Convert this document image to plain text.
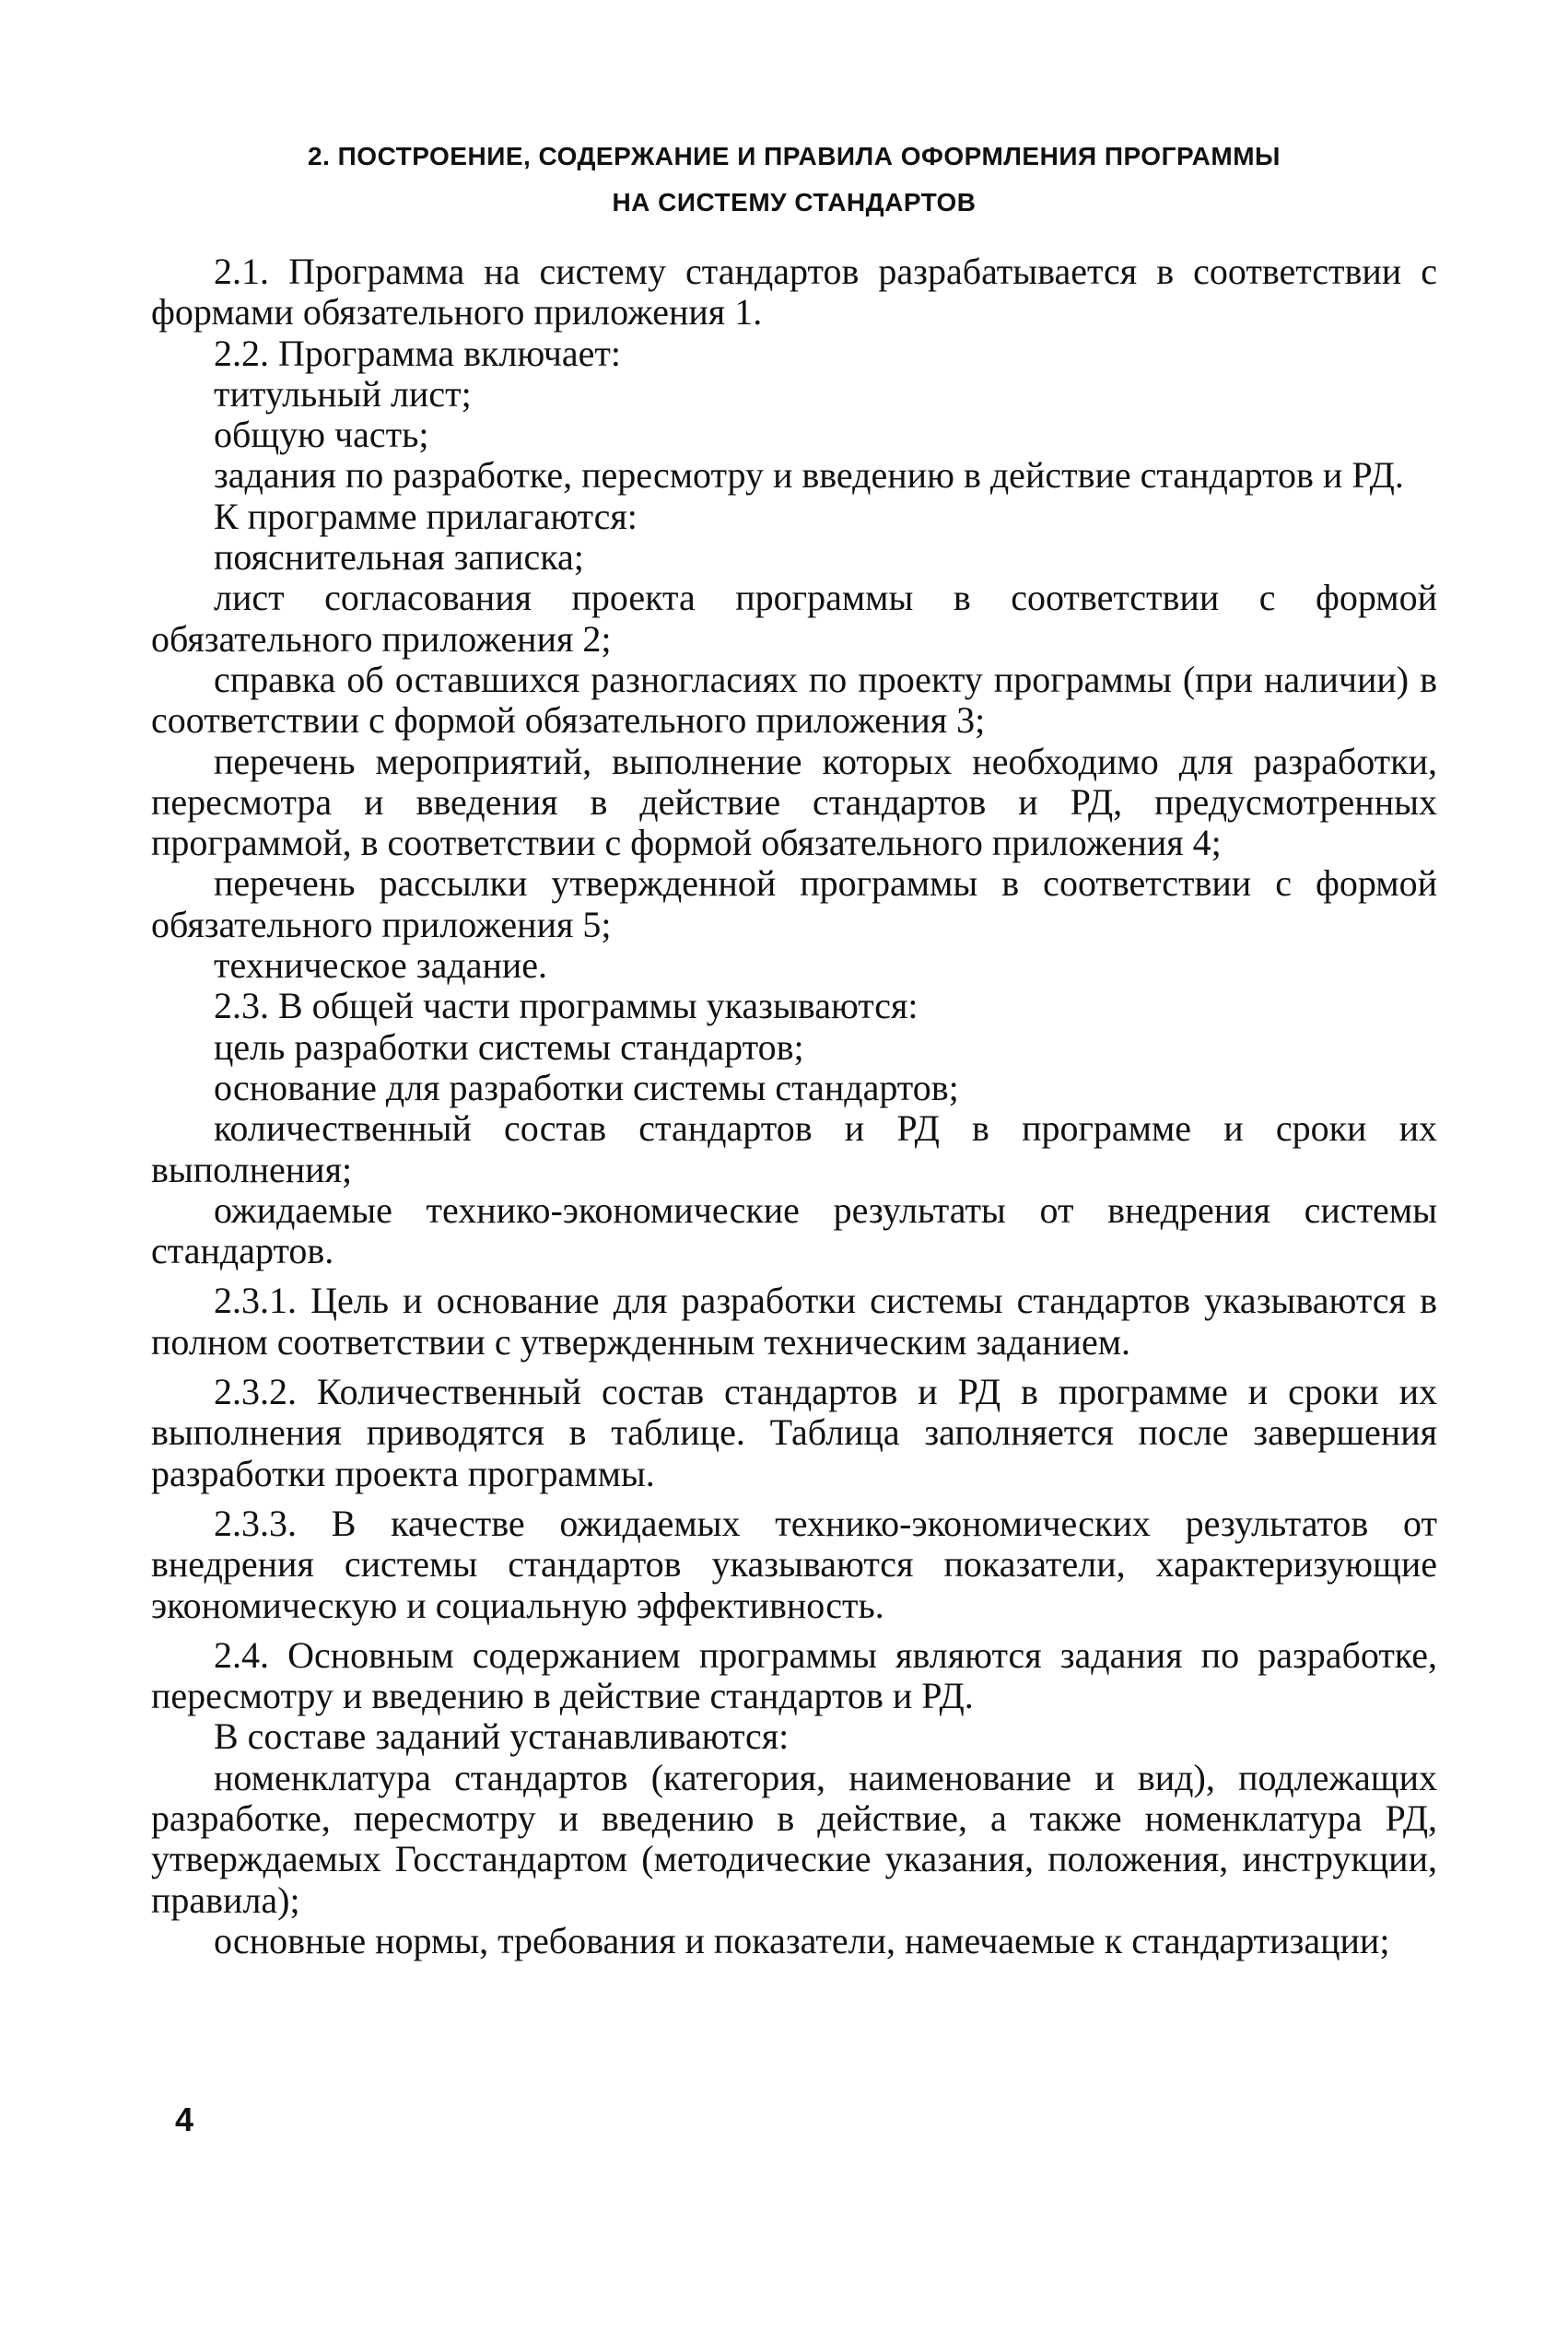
2. ПОСТРОЕНИЕ, СОДЕРЖАНИЕ И ПРАВИЛА ОФОРМЛЕНИЯ ПРОГРАММЫ
НА СИСТЕМУ СТАНДАРТОВ

2.1. Программа на систему стандартов разрабатывается в соответствии с формами обязательного приложения 1.

2.2. Программа включает:

титульный лист;

общую часть;

задания по разработке, пересмотру и введению в действие стандартов и РД.

К программе прилагаются:

пояснительная записка;

лист согласования проекта программы в соответствии с формой обязательного приложения 2;

справка об оставшихся разногласиях по проекту программы (при наличии) в соответствии с формой обязательного приложения 3;

перечень мероприятий, выполнение которых необходимо для разработки, пересмотра и введения в действие стандартов и РД, предусмотренных программой, в соответствии с формой обязательного приложения 4;

перечень рассылки утвержденной программы в соответствии с формой обязательного приложения 5;

техническое задание.

2.3. В общей части программы указываются:

цель разработки системы стандартов;

основание для разработки системы стандартов;

количественный состав стандартов и РД в программе и сроки их выполнения;

ожидаемые технико-экономические результаты от внедрения системы стандартов.

2.3.1. Цель и основание для разработки системы стандартов указываются в полном соответствии с утвержденным техническим заданием.

2.3.2. Количественный состав стандартов и РД в программе и сроки их выполнения приводятся в таблице. Таблица заполняется после завершения разработки проекта программы.

2.3.3. В качестве ожидаемых технико-экономических результатов от внедрения системы стандартов указываются показатели, характеризующие экономическую и социальную эффективность.

2.4. Основным содержанием программы являются задания по разработке, пересмотру и введению в действие стандартов и РД.

В составе заданий устанавливаются:

номенклатура стандартов (категория, наименование и вид), подлежащих разработке, пересмотру и введению в действие, а также номенклатура РД, утверждаемых Госстандартом (методические указания, положения, инструкции, правила);

основные нормы, требования и показатели, намечаемые к стандартизации;

4
